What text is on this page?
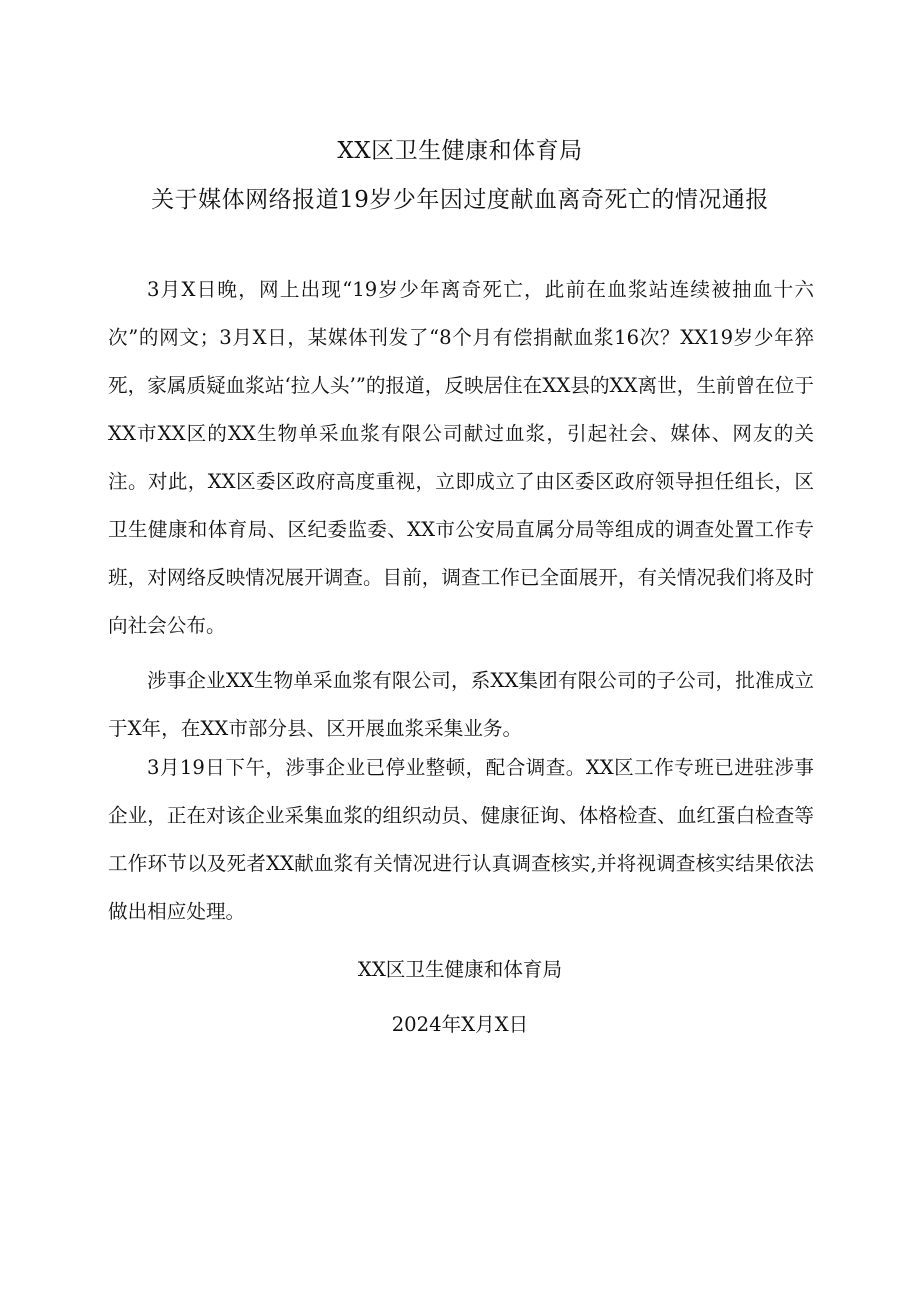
XX区卫生健康和体育局
关于媒体网络报道19岁少年因过度献血离奇死亡的情况通报

3月X日晚，网上出现“19岁少年离奇死亡，此前在血浆站连续被抽血十六次”的网文；3月X日，某媒体刊发了“8个月有偿捐献血浆16次？XX19岁少年猝死，家属质疑血浆站‘拉人头’”的报道，反映居住在XX县的XX离世，生前曾在位于XX市XX区的XX生物单采血浆有限公司献过血浆，引起社会、媒体、网友的关注。对此，XX区委区政府高度重视，立即成立了由区委区政府领导担任组长，区卫生健康和体育局、区纪委监委、XX市公安局直属分局等组成的调查处置工作专班，对网络反映情况展开调查。目前，调查工作已全面展开，有关情况我们将及时向社会公布。

涉事企业XX生物单采血浆有限公司，系XX集团有限公司的子公司，批准成立于X年，在XX市部分县、区开展血浆采集业务。

3月19日下午，涉事企业已停业整顿，配合调查。XX区工作专班已进驻涉事企业，正在对该企业采集血浆的组织动员、健康征询、体格检查、血红蛋白检查等工作环节以及死者XX献血浆有关情况进行认真调查核实,并将视调查核实结果依法做出相应处理。

XX区卫生健康和体育局
2024年X月X日
